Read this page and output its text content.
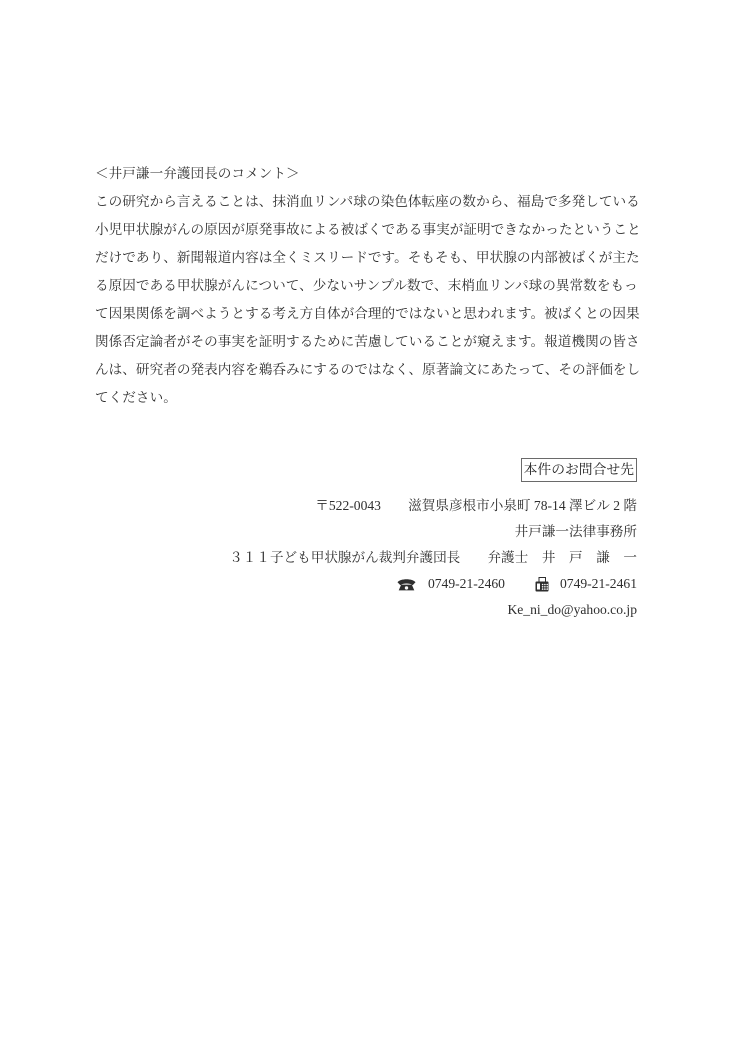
＜井戸謙一弁護団長のコメント＞
この研究から言えることは、抹消血リンパ球の染色体転座の数から、福島で多発している
小児甲状腺がんの原因が原発事故による被ばくである事実が証明できなかったということ
だけであり、新聞報道内容は全くミスリードです。そもそも、甲状腺の内部被ばくが主た
る原因である甲状腺がんについて、少ないサンプル数で、末梢血リンパ球の異常数をもっ
て因果関係を調べようとする考え方自体が合理的ではないと思われます。被ばくとの因果
関係否定論者がその事実を証明するために苦慮していることが窺えます。報道機関の皆さ
んは、研究者の発表内容を鵜呑みにするのではなく、原著論文にあたって、その評価をし
てください。
本件のお問合せ先
〒522-0043　　滋賀県彦根市小泉町 78-14 澤ビル 2 階
井戸謙一法律事務所
３１１子ども甲状腺がん裁判弁護団長　　弁護士　井　戸　謙　一
0749-21-2460	0749-21-2461
Ke_ni_do@yahoo.co.jp
